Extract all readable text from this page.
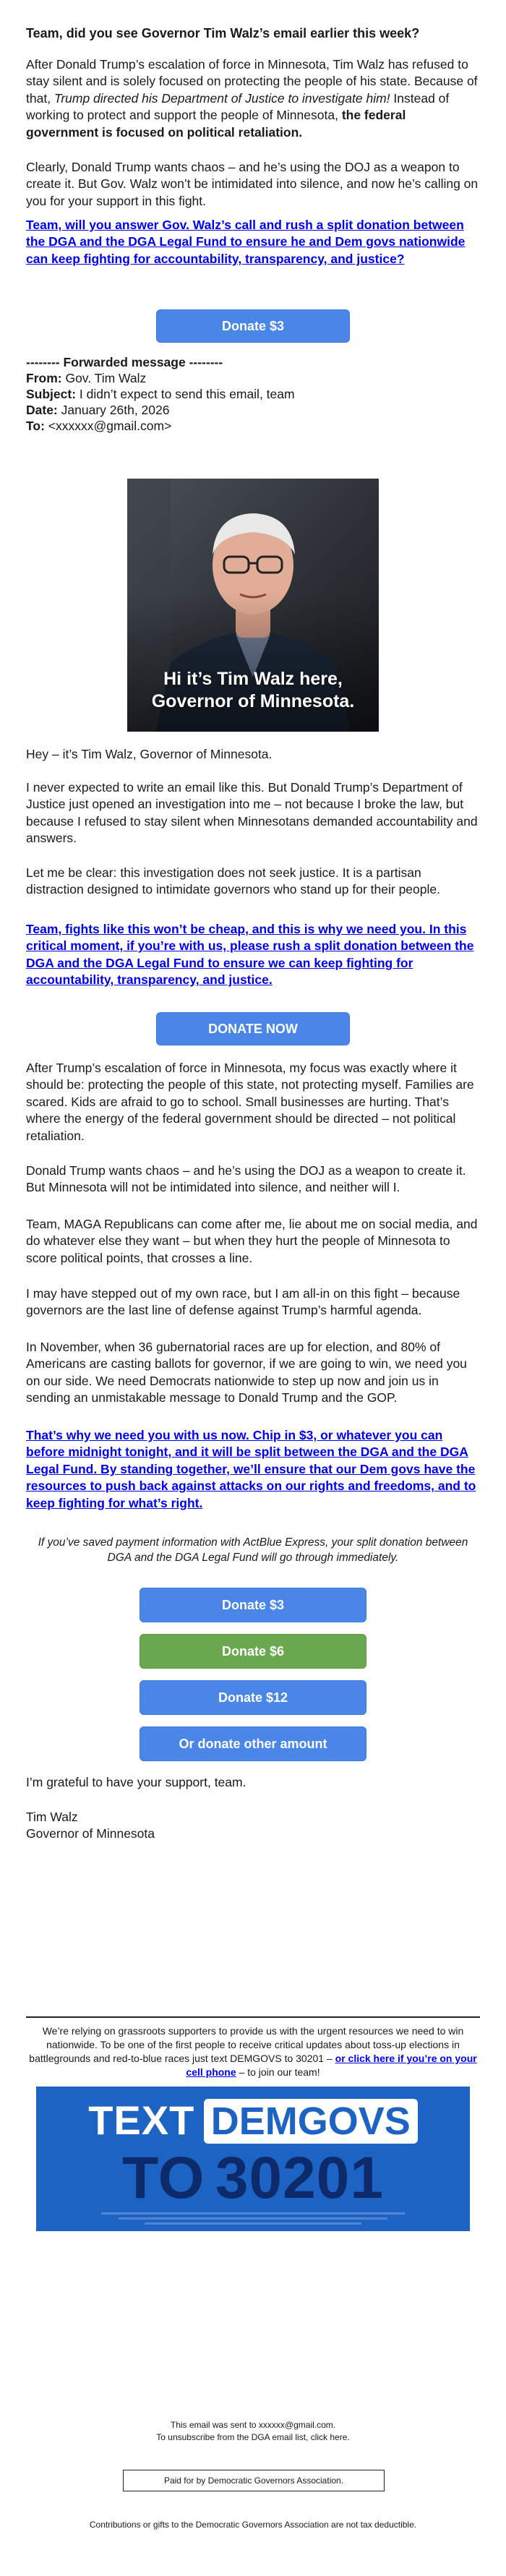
Team, did you see Governor Tim Walz’s email earlier this week?

After Donald Trump’s escalation of force in Minnesota, Tim Walz has refused to stay silent and is solely focused on protecting the people of his state. Because of that, Trump directed his Department of Justice to investigate him! Instead of working to protect and support the people of Minnesota, the federal government is focused on political retaliation.

Clearly, Donald Trump wants chaos – and he’s using the DOJ as a weapon to create it. But Gov. Walz won’t be intimidated into silence, and now he’s calling on you for your support in this fight.

Team, will you answer Gov. Walz’s call and rush a split donation between the DGA and the DGA Legal Fund to ensure he and Dem govs nationwide can keep fighting for accountability, transparency, and justice?

Donate $3
-------- Forwarded message --------
From: Gov. Tim Walz
Subject: I didn’t expect to send this email, team
Date: January 26th, 2026
To: <xxxxxx@gmail.com>
Hi it’s Tim Walz here,
Governor of Minnesota.

Hey – it’s Tim Walz, Governor of Minnesota.

I never expected to write an email like this. But Donald Trump’s Department of Justice just opened an investigation into me – not because I broke the law, but because I refused to stay silent when Minnesotans demanded accountability and answers.

Let me be clear: this investigation does not seek justice. It is a partisan distraction designed to intimidate governors who stand up for their people.

Team, fights like this won’t be cheap, and this is why we need you. In this critical moment, if you’re with us, please rush a split donation between the DGA and the DGA Legal Fund to ensure we can keep fighting for accountability, transparency, and justice.

DONATE NOW

After Trump’s escalation of force in Minnesota, my focus was exactly where it should be: protecting the people of this state, not protecting myself. Families are scared. Kids are afraid to go to school. Small businesses are hurting. That’s where the energy of the federal government should be directed – not political retaliation.

Donald Trump wants chaos – and he’s using the DOJ as a weapon to create it. But Minnesota will not be intimidated into silence, and neither will I.

Team, MAGA Republicans can come after me, lie about me on social media, and do whatever else they want – but when they hurt the people of Minnesota to score political points, that crosses a line.

I may have stepped out of my own race, but I am all-in on this fight – because governors are the last line of defense against Trump’s harmful agenda.

In November, when 36 gubernatorial races are up for election, and 80% of Americans are casting ballots for governor, if we are going to win, we need you on our side. We need Democrats nationwide to step up now and join us in sending an unmistakable message to Donald Trump and the GOP.

That’s why we need you with us now. Chip in $3, or whatever you can before midnight tonight, and it will be split between the DGA and the DGA Legal Fund. By standing together, we’ll ensure that our Dem govs have the resources to push back against attacks on our rights and freedoms, and to keep fighting for what’s right.

If you’ve saved payment information with ActBlue Express, your split donation between DGA and the DGA Legal Fund will go through immediately.

Donate $3
Donate $6
Donate $12
Or donate other amount

I’m grateful to have your support, team.

Tim Walz

Governor of Minnesota

We’re relying on grassroots supporters to provide us with the urgent resources we need to win nationwide. To be one of the first people to receive critical updates about toss-up elections in battlegrounds and red-to-blue races just text DEMGOVS to 30201 – or click here if you’re on your cell phone – to join our team!

TEXT DEMGOVS
TO 30201

This email was sent to xxxxxx@gmail.com.

To unsubscribe from the DGA email list, click here.

Paid for by Democratic Governors Association.

Contributions or gifts to the Democratic Governors Association are not tax deductible.
